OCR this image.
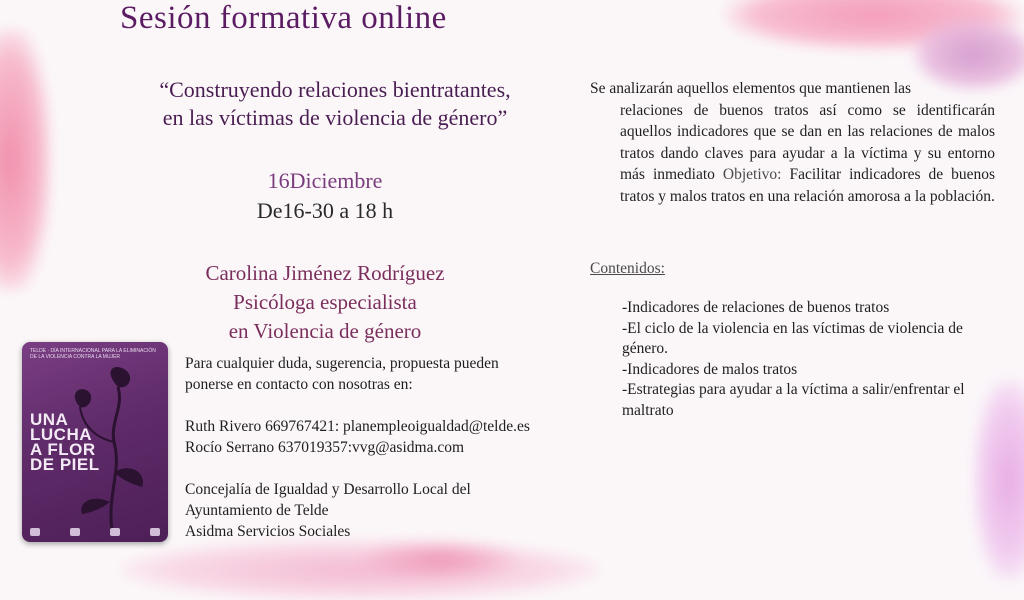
Sesión formativa online
“Construyendo relaciones bientratantes,
en las víctimas de violencia de género”
16Diciembre
De16-30 a 18 h
Carolina Jiménez Rodríguez
Psicóloga especialista
en Violencia de género
TELDE · DÍA INTERNACIONAL PARA LA ELIMINACIÓN DE LA VIOLENCIA CONTRA LA MUJER
UNA
LUCHA
A FLOR
DE PIEL

Para cualquier duda, sugerencia, propuesta pueden

ponerse en contacto con nosotras en:

Ruth Rivero 669767421: planempleoigualdad@telde.es

Rocío Serrano 637019357:vvg@asidma.com

Concejalía de Igualdad y Desarrollo Local del

Ayuntamiento de Telde

Asidma Servicios Sociales

Se analizarán aquellos elementos que mantienen las
relaciones de buenos tratos así como se identificarán aquellos indicadores que se dan en las relaciones de malos tratos dando claves para ayudar a la víctima y su entorno más inmediato Objetivo: Facilitar indicadores de buenos tratos y malos tratos en una relación amorosa a la población.
Contenidos:
-Indicadores de relaciones de buenos tratos
-El ciclo de la violencia en las víctimas de violencia de género.
-Indicadores de malos tratos
-Estrategias para ayudar a la víctima a salir/enfrentar el maltrato
